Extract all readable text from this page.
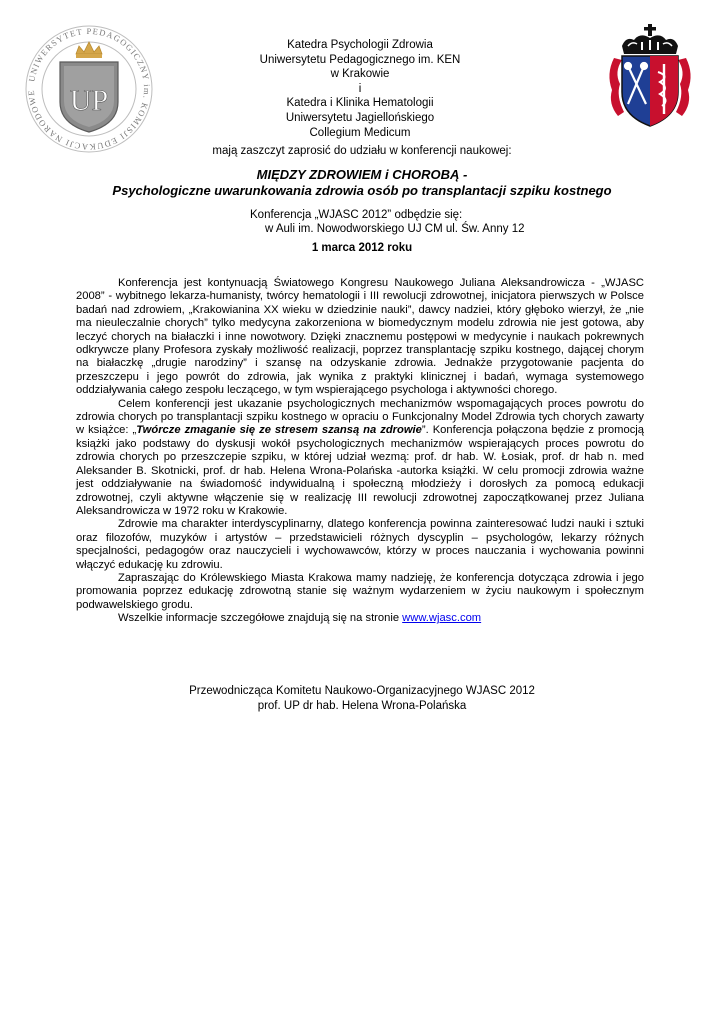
UNIWERSYTET PEDAGOGICZNY im. KOMISJI EDUKACJI NARODOWE	UP
Katedra Psychologii Zdrowia
Uniwersytetu Pedagogicznego im. KEN
w Krakowie
i
Katedra i Klinika Hematologii
Uniwersytetu Jagiellońskiego
Collegium Medicum
mają zaszczyt zaprosić do udziału w konferencji naukowej:
MIĘDZY ZDROWIEM i CHOROBĄ -
Psychologiczne uwarunkowania zdrowia osób po transplantacji szpiku kostnego
Konferencja „WJASC 2012” odbędzie się:
w Auli im. Nowodworskiego UJ CM ul. Św. Anny 12
1 marca 2012 roku

Konferencja jest kontynuacją Światowego Kongresu Naukowego Juliana Aleksandrowicza - „WJASC 2008” - wybitnego lekarza-humanisty, twórcy hematologii i III rewolucji zdrowotnej, inicjatora pierwszych w Polsce badań nad zdrowiem, „Krakowianina XX wieku w dziedzinie nauki”, dawcy nadziei, który głęboko wierzył, że „nie ma nieuleczalnie chorych” tylko medycyna zakorzeniona w biomedycznym modelu zdrowia nie jest gotowa, aby leczyć chorych na białaczki i inne nowotwory. Dzięki znacznemu postępowi w medycynie i naukach pokrewnych odkrywcze plany Profesora zyskały możliwość realizacji, poprzez transplantację szpiku kostnego, dającej chorym na białaczkę „drugie narodziny” i szansę na odzyskanie zdrowia. Jednakże przygotowanie pacjenta do przeszczepu i jego powrót do zdrowia, jak wynika z praktyki klinicznej i badań, wymaga systemowego oddziaływania całego zespołu leczącego, w tym wspierającego psychologa i aktywności chorego.

Celem konferencji jest ukazanie psychologicznych mechanizmów wspomagających proces powrotu do zdrowia chorych po transplantacji szpiku kostnego w opraciu o Funkcjonalny Model Zdrowia tych chorych zawarty w książce: „Twórcze zmaganie się ze stresem szansą na zdrowie”. Konferencja połączona będzie z promocją książki jako podstawy do dyskusji wokół psychologicznych mechanizmów wspierających proces powrotu do zdrowia chorych po przeszczepie szpiku, w której udział wezmą: prof. dr hab. W. Łosiak, prof. dr hab n. med Aleksander B. Skotnicki, prof. dr hab. Helena Wrona-Polańska -autorka książki. W celu promocji zdrowia ważne jest oddziaływanie na świadomość indywidualną i społeczną młodzieży i dorosłych za pomocą edukacji zdrowotnej, czyli aktywne włączenie się w realizację III rewolucji zdrowotnej zapoczątkowanej przez Juliana Aleksandrowicza w 1972 roku w Krakowie.

Zdrowie ma charakter interdyscyplinarny, dlatego konferencja powinna zainteresować ludzi nauki i sztuki oraz filozofów, muzyków i artystów – przedstawicieli różnych dyscyplin – psychologów, lekarzy różnych specjalności, pedagogów oraz nauczycieli i wychowawców, którzy w proces nauczania i wychowania powinni włączyć edukację ku zdrowiu.

Zapraszając do Królewskiego Miasta Krakowa mamy nadzieję, że konferencja dotycząca zdrowia i jego promowania poprzez edukację zdrowotną stanie się ważnym wydarzeniem w życiu naukowym i społecznym podwawelskiego grodu.

Wszelkie informacje szczegółowe znajdują się na stronie www.wjasc.com

Przewodnicząca Komitetu Naukowo-Organizacyjnego WJASC 2012
prof. UP dr hab. Helena Wrona-Polańska
